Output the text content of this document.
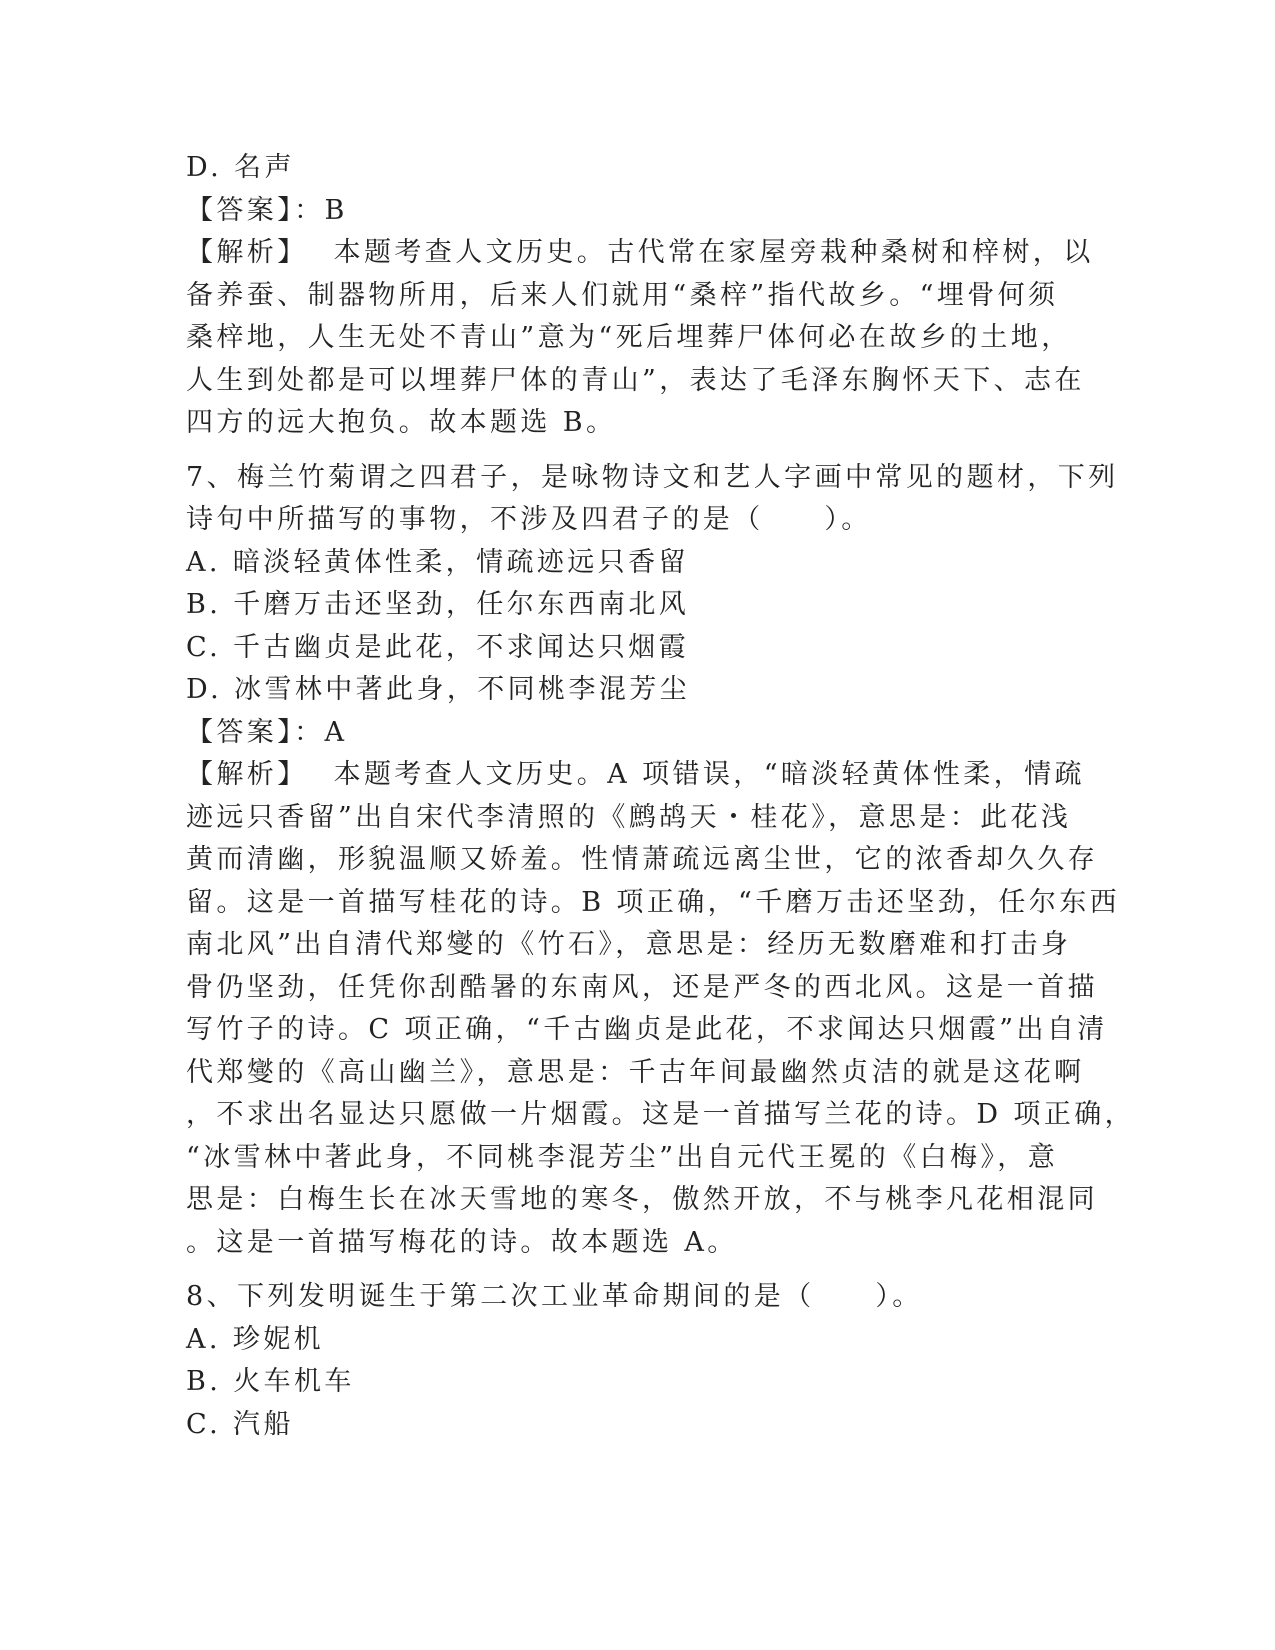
D. 名声
【答案】：B
【解析】 本题考查人文历史。古代常在家屋旁栽种桑树和梓树，以
备养蚕、制器物所用，后来人们就用“桑梓”指代故乡。“埋骨何须
桑梓地，人生无处不青山”意为“死后埋葬尸体何必在故乡的土地，
人生到处都是可以埋葬尸体的青山”，表达了毛泽东胸怀天下、志在
四方的远大抱负。故本题选 B。
7、梅兰竹菊谓之四君子，是咏物诗文和艺人字画中常见的题材，下列
诗句中所描写的事物，不涉及四君子的是（　　）。
A. 暗淡轻黄体性柔，情疏迹远只香留
B. 千磨万击还坚劲，任尔东西南北风
C. 千古幽贞是此花，不求闻达只烟霞
D. 冰雪林中著此身，不同桃李混芳尘
【答案】：A
【解析】 本题考查人文历史。A 项错误，“暗淡轻黄体性柔，情疏
迹远只香留”出自宋代李清照的《鹧鸪天・桂花》，意思是：此花浅
黄而清幽，形貌温顺又娇羞。性情萧疏远离尘世，它的浓香却久久存
留。这是一首描写桂花的诗。B 项正确，“千磨万击还坚劲，任尔东西
南北风”出自清代郑燮的《竹石》，意思是：经历无数磨难和打击身
骨仍坚劲，任凭你刮酷暑的东南风，还是严冬的西北风。这是一首描
写竹子的诗。C 项正确，“千古幽贞是此花，不求闻达只烟霞”出自清
代郑燮的《高山幽兰》，意思是：千古年间最幽然贞洁的就是这花啊
，不求出名显达只愿做一片烟霞。这是一首描写兰花的诗。D 项正确，
“冰雪林中著此身，不同桃李混芳尘”出自元代王冕的《白梅》，意
思是：白梅生长在冰天雪地的寒冬，傲然开放，不与桃李凡花相混同
。这是一首描写梅花的诗。故本题选 A。
8、下列发明诞生于第二次工业革命期间的是（　　）。
A. 珍妮机
B. 火车机车
C. 汽船
